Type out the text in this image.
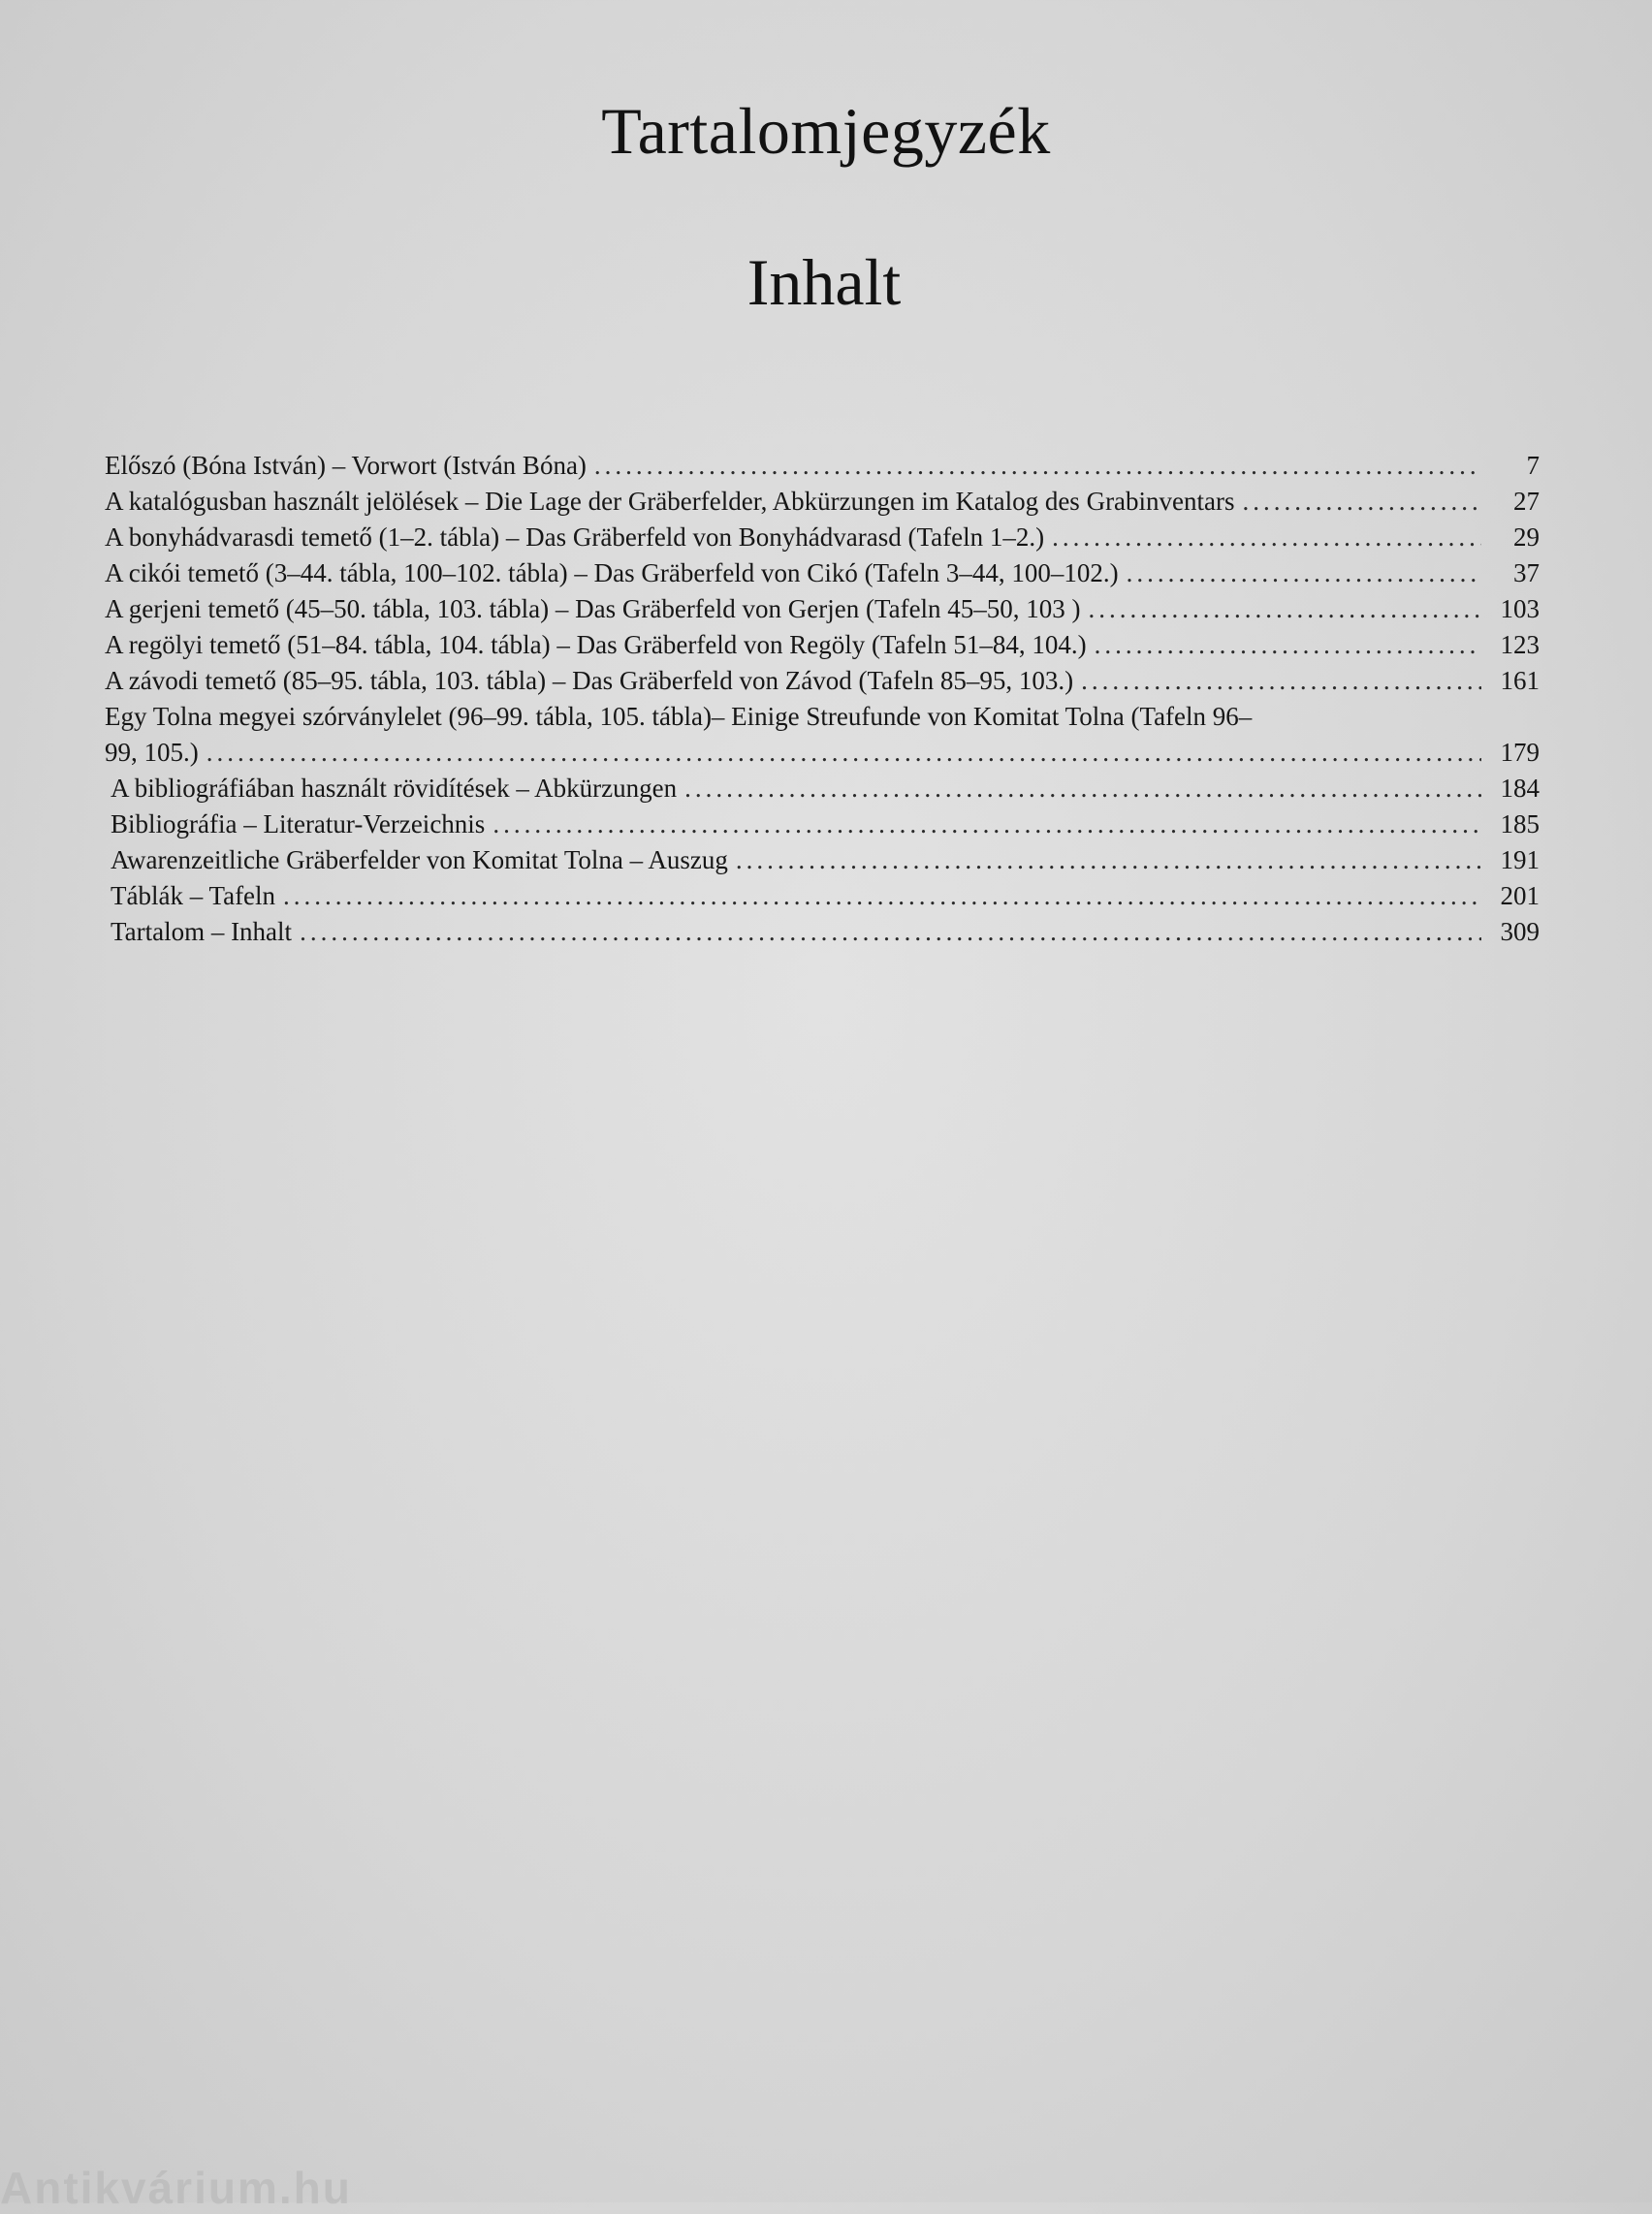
Tartalomjegyzék
Inhalt
Előszó (Bóna István) – Vorwort (István Bóna) .....	7
A katalógusban használt jelölések – Die Lage der Gräberfelder, Abkürzungen im Katalog des Grabinventars .....	27
A bonyhádvarasdi temető (1–2. tábla) – Das Gräberfeld von Bonyhádvarasd (Tafeln 1–2.) .....	29
A cikói temető (3–44. tábla, 100–102. tábla) – Das Gräberfeld von Cikó (Tafeln 3–44, 100–102.) .....	37
A gerjeni temető (45–50. tábla, 103. tábla) – Das Gräberfeld von Gerjen (Tafeln 45–50, 103 ) .....	103
A regölyi temető (51–84. tábla, 104. tábla) – Das Gräberfeld von Regöly (Tafeln 51–84, 104.) .....	123
A závodi temető (85–95. tábla, 103. tábla) – Das Gräberfeld von Závod (Tafeln 85–95, 103.) .....	161
Egy Tolna megyei szórványlelet (96–99. tábla, 105. tábla)– Einige Streufunde von Komitat Tolna (Tafeln 96–
99, 105.) .....	179
A bibliográfiában használt rövidítések – Abkürzungen .....	184
Bibliográfia – Literatur-Verzeichnis .....	185
Awarenzeitliche Gräberfelder von Komitat Tolna – Auszug .....	191
Táblák – Tafeln .....	201
Tartalom – Inhalt .....	309
Antikvárium.hu
